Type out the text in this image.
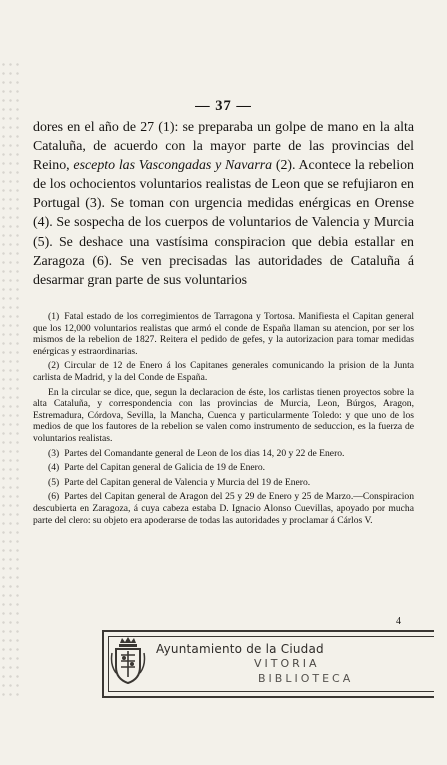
— 37 —

dores en el año de 27 (1): se preparaba un golpe de mano en la alta Cataluña, de acuerdo con la mayor parte de las provincias del Reino, escepto las Vascongadas y Navarra (2). Acontece la rebelion de los ochocientos voluntarios realistas de Leon que se refujiaron en Portugal (3). Se toman con urgencia medidas enérgicas en Orense (4). Se sospecha de los cuerpos de voluntarios de Valencia y Murcia (5). Se deshace una vastísima conspiracion que debia estallar en Zaragoza (6). Se ven precisadas las autoridades de Cataluña á desarmar gran parte de sus voluntarios

(1) Fatal estado de los corregimientos de Tarragona y Tortosa. Manifiesta el Capitan general que los 12,000 voluntarios realistas que armó el conde de España llaman su atencion, por ser los mismos de la rebelion de 1827. Reitera el pedido de gefes, y la autorizacion para tomar medidas enérgicas y estraordinarias.

(2) Circular de 12 de Enero á los Capitanes generales comunicando la prision de la Junta carlista de Madrid, y la del Conde de España.

En la circular se dice, que, segun la declaracion de éste, los carlistas tienen proyectos sobre la alta Cataluña, y correspondencia con las provincias de Murcia, Leon, Búrgos, Aragon, Estremadura, Córdova, Sevilla, la Mancha, Cuenca y particularmente Toledo: y que uno de los medios de que los fautores de la rebelion se valen como instrumento de seduccion, es la fuerza de voluntarios realistas.

(3) Partes del Comandante general de Leon de los dias 14, 20 y 22 de Enero.

(4) Parte del Capitan general de Galicia de 19 de Enero.

(5) Parte del Capitan general de Valencia y Murcia del 19 de Enero.

(6) Partes del Capitan general de Aragon del 25 y 29 de Enero y 25 de Marzo.—Conspiracion descubierta en Zaragoza, á cuya cabeza estaba D. Ignacio Alonso Cuevillas, apoyado por mucha parte del clero: su objeto era apoderarse de todas las autoridades y proclamar á Cárlos V.

4
Ayuntamiento de la Ciudad
VITORIA
BIBLIOTECA
